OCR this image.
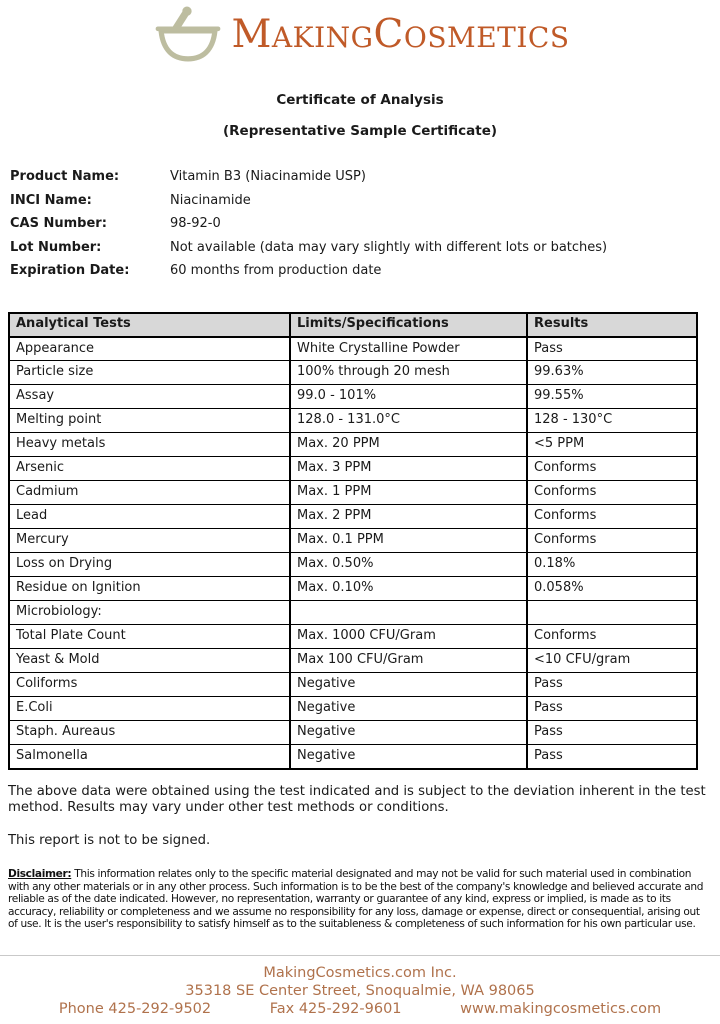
MAKINGCOSMETICS
Certificate of Analysis
(Representative Sample Certificate)
Product Name:	Vitamin B3 (Niacinamide USP)
INCI Name:	Niacinamide
CAS Number:	98-92-0
Lot Number:	Not available (data may vary slightly with different lots or batches)
Expiration Date:	60 months from production date
Analytical Tests	Limits/Specifications	Results
Appearance	White Crystalline Powder	Pass
Particle size	100% through 20 mesh	99.63%
Assay	99.0 - 101%	99.55%
Melting point	128.0 - 131.0°C	128 - 130°C
Heavy metals	Max. 20 PPM	<5 PPM
Arsenic	Max. 3 PPM	Conforms
Cadmium	Max. 1 PPM	Conforms
Lead	Max. 2 PPM	Conforms
Mercury	Max. 0.1 PPM	Conforms
Loss on Drying	Max. 0.50%	0.18%
Residue on Ignition	Max. 0.10%	0.058%
Microbiology:		
Total Plate Count	Max. 1000 CFU/Gram	Conforms
Yeast & Mold	Max 100 CFU/Gram	<10 CFU/gram
Coliforms	Negative	Pass
E.Coli	Negative	Pass
Staph. Aureaus	Negative	Pass
Salmonella	Negative	Pass

The above data were obtained using the test indicated and is subject to the deviation inherent in the test method. Results may vary under other test methods or conditions.

This report is not to be signed.

Disclaimer: This information relates only to the specific material designated and may not be valid for such material used in combination with any other materials or in any other process. Such information is to be the best of the company's knowledge and believed accurate and reliable as of the date indicated. However, no representation, warranty or guarantee of any kind, express or implied, is made as to its accuracy, reliability or completeness and we assume no responsibility for any loss, damage or expense, direct or consequential, arising out of use. It is the user's responsibility to satisfy himself as to the suitableness & completeness of such information for his own particular use.

MakingCosmetics.com Inc.
35318 SE Center Street, Snoqualmie, WA 98065
Phone 425-292-9502	Fax 425-292-9601	www.makingcosmetics.com
